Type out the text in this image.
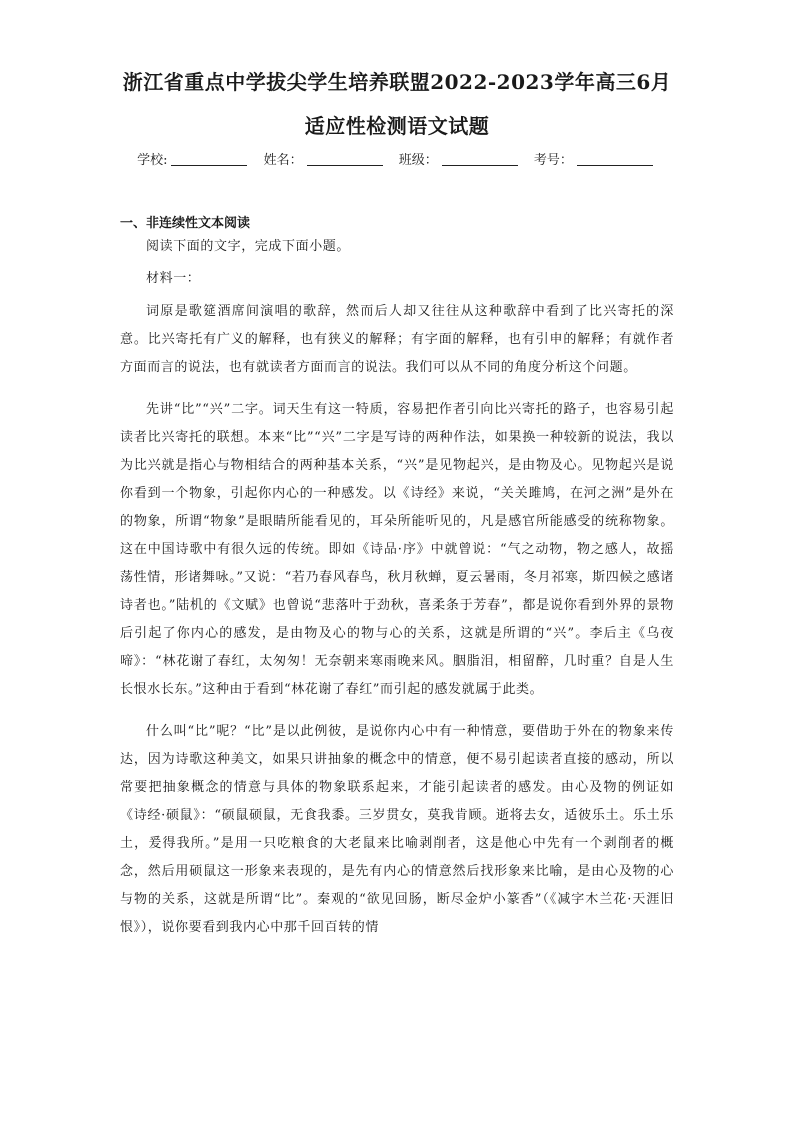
浙江省重点中学拔尖学生培养联盟2022-2023学年高三6月
适应性检测语文试题
学校:	姓名：	班级：	考号：
一、非连续性文本阅读

阅读下面的文字，完成下面小题。

材料一：

词原是歌筵酒席间演唱的歌辞，然而后人却又往往从这种歌辞中看到了比兴寄托的深意。比兴寄托有广义的解释，也有狭义的解释；有字面的解释，也有引申的解释；有就作者方面而言的说法，也有就读者方面而言的说法。我们可以从不同的角度分析这个问题。

先讲“比”“兴”二字。词天生有这一特质，容易把作者引向比兴寄托的路子，也容易引起读者比兴寄托的联想。本来“比”“兴”二字是写诗的两种作法，如果换一种较新的说法，我以为比兴就是指心与物相结合的两种基本关系，“兴”是见物起兴，是由物及心。见物起兴是说你看到一个物象，引起你内心的一种感发。以《诗经》来说，“关关雎鸠，在河之洲”是外在的物象，所谓“物象”是眼睛所能看见的，耳朵所能听见的，凡是感官所能感受的统称物象。这在中国诗歌中有很久远的传统。即如《诗品·序》中就曾说：“气之动物，物之感人，故摇荡性情，形诸舞咏。”又说：“若乃春风春鸟，秋月秋蝉，夏云暑雨，冬月祁寒，斯四候之感诸诗者也。”陆机的《文赋》也曾说“悲落叶于劲秋，喜柔条于芳春”，都是说你看到外界的景物后引起了你内心的感发，是由物及心的物与心的关系，这就是所谓的“兴”。李后主《乌夜啼》：“林花谢了春红，太匆匆！无奈朝来寒雨晚来风。胭脂泪，相留醉，几时重？自是人生长恨水长东。”这种由于看到“林花谢了春红”而引起的感发就属于此类。

什么叫“比”呢？“比”是以此例彼，是说你内心中有一种情意，要借助于外在的物象来传达，因为诗歌这种美文，如果只讲抽象的概念中的情意，便不易引起读者直接的感动，所以常要把抽象概念的情意与具体的物象联系起来，才能引起读者的感发。由心及物的例证如《诗经·硕鼠》：“硕鼠硕鼠，无食我黍。三岁贯女，莫我肯顾。逝将去女，适彼乐土。乐土乐土，爰得我所。”是用一只吃粮食的大老鼠来比喻剥削者，这是他心中先有一个剥削者的概念，然后用硕鼠这一形象来表现的，是先有内心的情意然后找形象来比喻，是由心及物的心与物的关系，这就是所谓“比”。秦观的“欲见回肠，断尽金炉小篆香”（《减字木兰花·天涯旧恨》），说你要看到我内心中那千回百转的情
